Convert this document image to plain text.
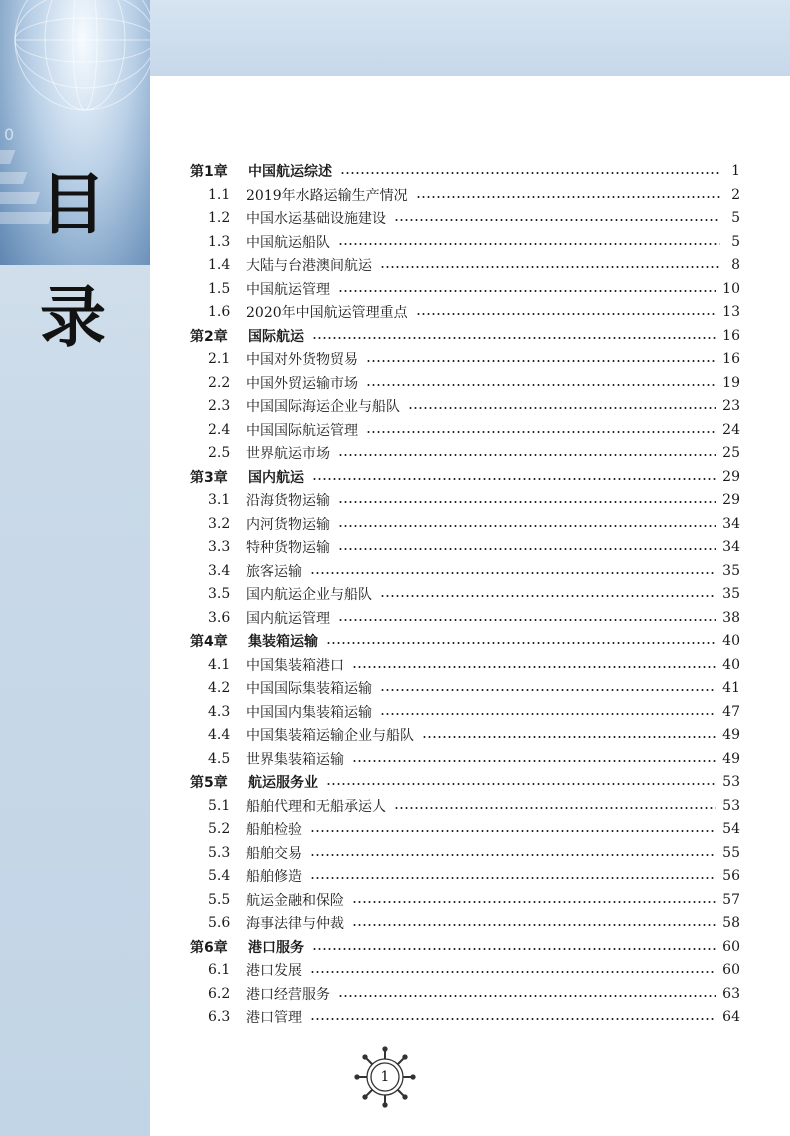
0
目
录
第1章	中国航运综述	1
1.1	2019年水路运输生产情况	2
1.2	中国水运基础设施建设	5
1.3	中国航运船队	5
1.4	大陆与台港澳间航运	8
1.5	中国航运管理	10
1.6	2020年中国航运管理重点	13
第2章	国际航运	16
2.1	中国对外货物贸易	16
2.2	中国外贸运输市场	19
2.3	中国国际海运企业与船队	23
2.4	中国国际航运管理	24
2.5	世界航运市场	25
第3章	国内航运	29
3.1	沿海货物运输	29
3.2	内河货物运输	34
3.3	特种货物运输	34
3.4	旅客运输	35
3.5	国内航运企业与船队	35
3.6	国内航运管理	38
第4章	集装箱运输	40
4.1	中国集装箱港口	40
4.2	中国国际集装箱运输	41
4.3	中国国内集装箱运输	47
4.4	中国集装箱运输企业与船队	49
4.5	世界集装箱运输	49
第5章	航运服务业	53
5.1	船舶代理和无船承运人	53
5.2	船舶检验	54
5.3	船舶交易	55
5.4	船舶修造	56
5.5	航运金融和保险	57
5.6	海事法律与仲裁	58
第6章	港口服务	60
6.1	港口发展	60
6.2	港口经营服务	63
6.3	港口管理	64
1
